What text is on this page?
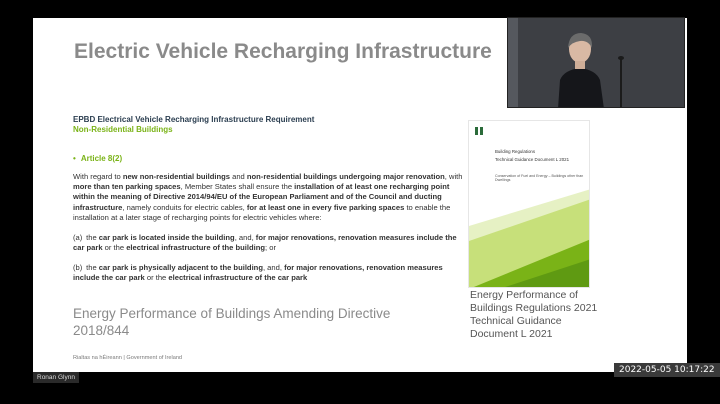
Electric Vehicle Recharging Infrastructure
EPBD Electrical Vehicle Recharging Infrastructure Requirement
Non-Residential Buildings
• Article 8(2)
With regard to new non-residential buildings and non-residential buildings undergoing major renovation, with more than ten parking spaces, Member States shall ensure the installation of at least one recharging point within the meaning of Directive 2014/94/EU of the European Parliament and of the Council and ducting infrastructure, namely conduits for electric cables, for at least one in every five parking spaces to enable the installation at a later stage of recharging points for electric vehicles where:
(a) the car park is located inside the building, and, for major renovations, renovation measures include the car park or the electrical infrastructure of the building; or
(b) the car park is physically adjacent to the building, and, for major renovations, renovation measures include the car park or the electrical infrastructure of the car park
Energy Performance of Buildings Amending Directive 2018/844
Rialtas na hÉireann | Government of Ireland
Building Regulations
Technical Guidance Document L 2021
Conservation of Fuel and Energy – Buildings other than Dwellings
Energy Performance of Buildings Regulations 2021 Technical Guidance Document L 2021
Ronan Glynn
2022-05-05 10:17:22
